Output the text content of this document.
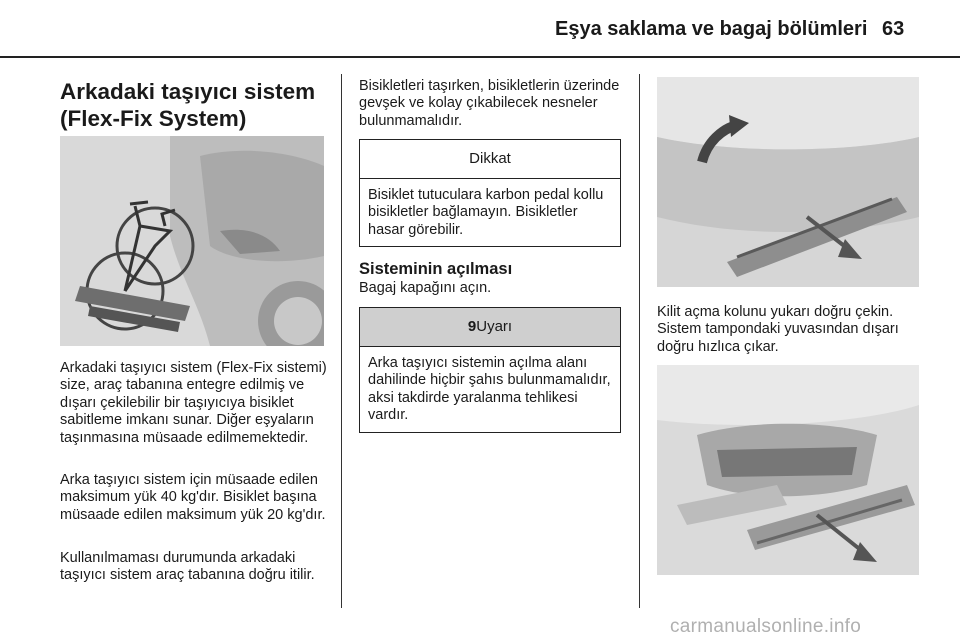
Eşya saklama ve bagaj bölümleri 63
Arkadaki taşıyıcı sistem
(Flex-Fix System)

Arkadaki taşıyıcı sistem (Flex-Fix sistemi) size, araç tabanına entegre edilmiş ve dışarı çekilebilir bir taşıyıcıya bisiklet sabitleme imkanı sunar. Diğer eşyaların taşınmasına müsaade edilmemektedir.

Arka taşıyıcı sistem için müsaade edilen maksimum yük 40 kg'dır. Bisiklet başına müsaade edilen maksimum yük 20 kg'dır.

Kullanılmaması durumunda arkadaki taşıyıcı sistem araç tabanına doğru itilir.

Bisikletleri taşırken, bisikletlerin üzerinde gevşek ve kolay çıkabilecek nesneler bulunmamalıdır.

Dikkat
Bisiklet tutuculara karbon pedal kollu bisikletler bağlamayın. Bisikletler hasar görebilir.
Sisteminin açılması

Bagaj kapağını açın.

9Uyarı
Arka taşıyıcı sistemin açılma alanı dahilinde hiçbir şahıs bulunmamalıdır, aksi takdirde yaralanma tehlikesi vardır.

Kilit açma kolunu yukarı doğru çekin. Sistem tampondaki yuvasından dışarı doğru hızlıca çıkar.

carmanualsonline.info
